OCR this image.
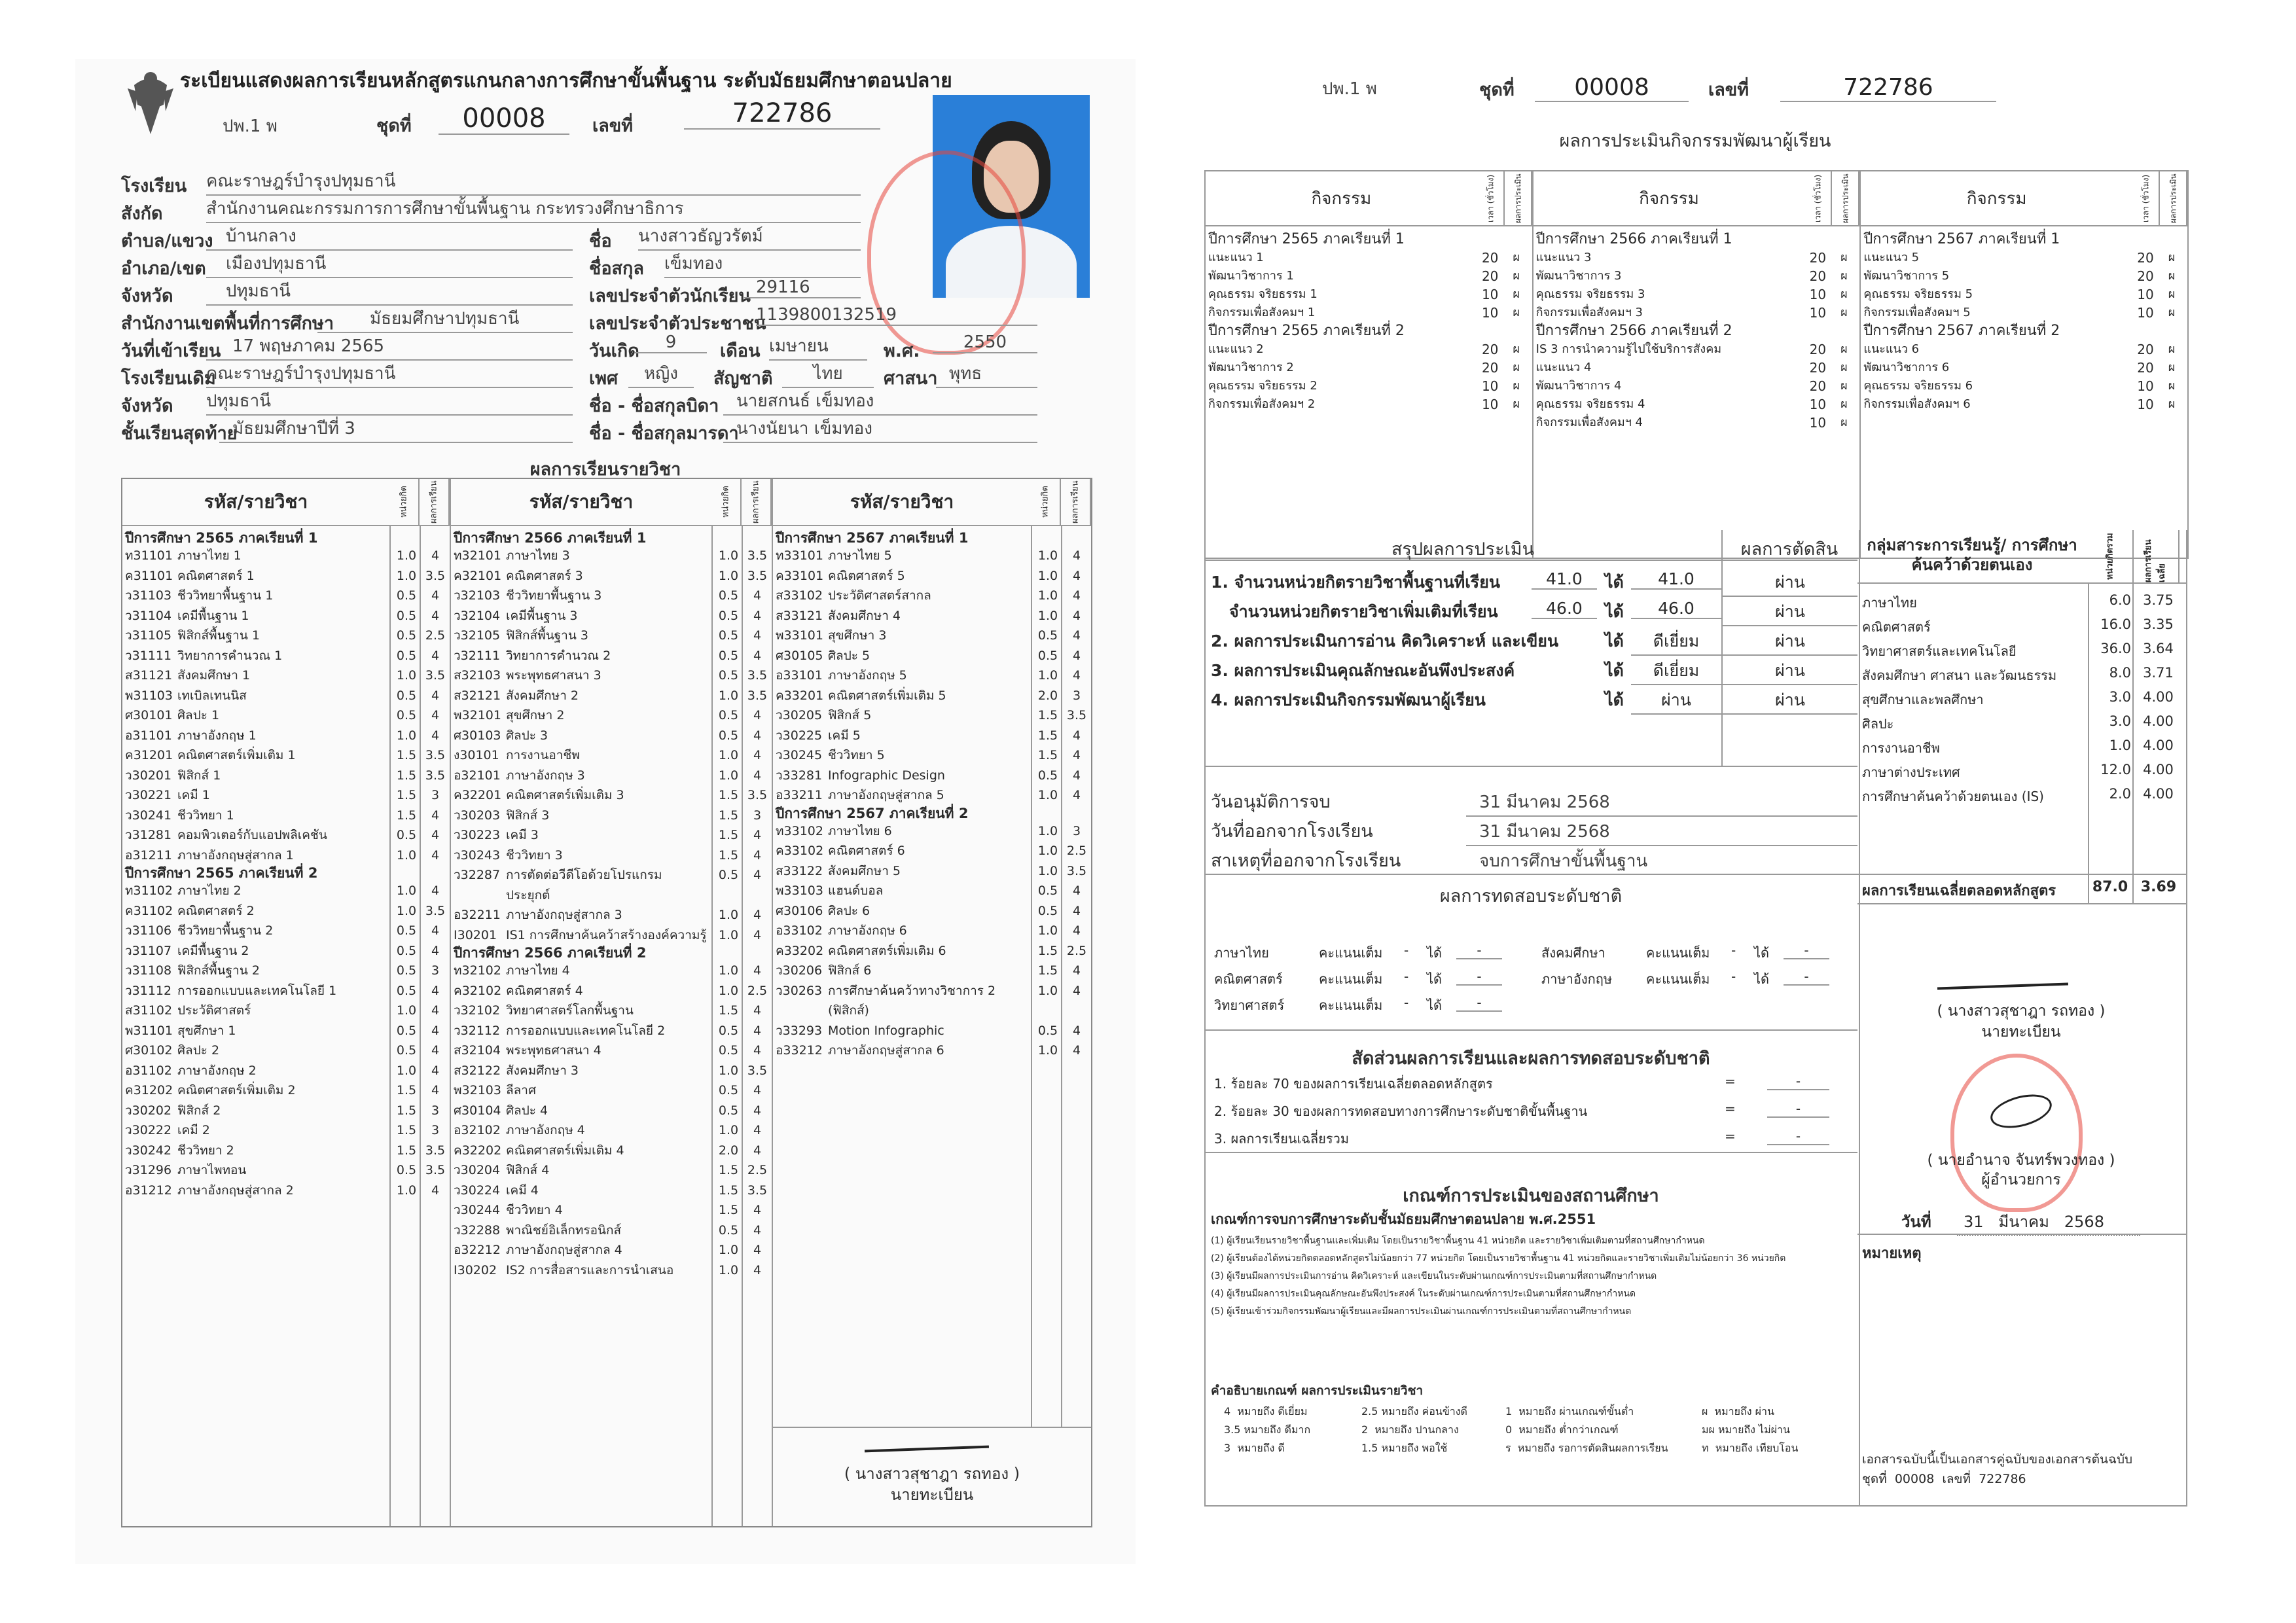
ระเบียนแสดงผลการเรียนหลักสูตรแกนกลางการศึกษาขั้นพื้นฐาน ระดับมัธยมศึกษาตอนปลาย
ปพ.1 พ	ชุดที่	00008	เลขที่	722786
โรงเรียน คณะราษฎร์บำรุงปทุมธานี
สังกัด	สำนักงานคณะกรรมการการศึกษาขั้นพื้นฐาน กระทรวงศึกษาธิการ
ตำบล/แขวง บ้านกลาง
อำเภอ/เขต	เมืองปทุมธานี
จังหวัด	ปทุมธานี
สำนักงานเขตพื้นที่การศึกษา	มัธยมศึกษาปทุมธานี
วันที่เข้าเรียน 17 พฤษภาคม 2565
โรงเรียนเดิม
คณะราษฎร์บำรุงปทุมธานี
จังหวัด ปทุมธานี
ชั้นเรียนสุดท้าย
มัธยมศึกษาปีที่ 3
ชื่อ นางสาวธัญวรัตม์
ชื่อสกุล เข็มทอง
เลขประจำตัวนักเรียน 29116
เลขประจำตัวประชาชน
1139800132519
วันเกิด	9	เดือน เมษายน	พ.ศ.	2550
เพศ	หญิง	สัญชาติ	ไทย	ศาสนา พุทธ
ชื่อ - ชื่อสกุลบิดา	นายสกนธ์ เข็มทอง
ชื่อ - ชื่อสกุลมารดา
นางนัยนา เข็มทอง
ผลการเรียนรายวิชา
รหัส/รายวิชา	หน่วยกิต	ผลการเรียน
ปีการศึกษา 2565 ภาคเรียนที่ 1
ท31101 ภาษาไทย 1	1.0	4
ค31101 คณิตศาสตร์ 1	1.0 3.5
ว31103 ชีววิทยาพื้นฐาน 1	0.5	4
ว31104 เคมีพื้นฐาน 1	0.5	4
ว31105 ฟิสิกส์พื้นฐาน 1	0.5 2.5
ว31111 วิทยาการคำนวณ 1	0.5	4
ส31121 สังคมศึกษา 1	1.0 3.5
พ31103 เทเบิลเทนนิส	0.5	4
ศ30101 ศิลปะ 1	0.5	4
อ31101 ภาษาอังกฤษ 1	1.0	4
ค31201 คณิตศาสตร์เพิ่มเติม 1	1.5 3.5
ว30201 ฟิสิกส์ 1	1.5 3.5
ว30221 เคมี 1	1.5	3
ว30241 ชีววิทยา 1	1.5	4
ว31281 คอมพิวเตอร์กับแอปพลิเคชัน	0.5	4
อ31211 ภาษาอังกฤษสู่สากล 1	1.0	4
ปีการศึกษา 2565 ภาคเรียนที่ 2
ท31102 ภาษาไทย 2	1.0	4
ค31102 คณิตศาสตร์ 2	1.0 3.5
ว31106 ชีววิทยาพื้นฐาน 2	0.5	4
ว31107 เคมีพื้นฐาน 2	0.5	4
ว31108 ฟิสิกส์พื้นฐาน 2	0.5	3
ว31112 การออกแบบและเทคโนโลยี 1	0.5	4
ส31102 ประวัติศาสตร์	1.0	4
พ31101 สุขศึกษา 1	0.5	4
ศ30102 ศิลปะ 2	0.5	4
อ31102 ภาษาอังกฤษ 2	1.0	4
ค31202 คณิตศาสตร์เพิ่มเติม 2	1.5	4
ว30202 ฟิสิกส์ 2	1.5	3
ว30222 เคมี 2	1.5	3
ว30242 ชีววิทยา 2	1.5 3.5
ว31296 ภาษาไพทอน	0.5 3.5
อ31212 ภาษาอังกฤษสู่สากล 2	1.0	4
รหัส/รายวิชา	หน่วยกิต	ผลการเรียน
ปีการศึกษา 2566 ภาคเรียนที่ 1
ท32101 ภาษาไทย 3	1.0 3.5
ค32101 คณิตศาสตร์ 3	1.0 3.5
ว32103 ชีววิทยาพื้นฐาน 3	0.5	4
ว32104 เคมีพื้นฐาน 3	0.5	4
ว32105 ฟิสิกส์พื้นฐาน 3	0.5	4
ว32111 วิทยาการคำนวณ 2	0.5	4
ส32103 พระพุทธศาสนา 3	0.5 3.5
ส32121 สังคมศึกษา 2	1.0 3.5
พ32101 สุขศึกษา 2	0.5	4
ศ30103 ศิลปะ 3	0.5	4
ง30101 การงานอาชีพ	1.0	4
อ32101 ภาษาอังกฤษ 3	1.0	4
ค32201 คณิตศาสตร์เพิ่มเติม 3	1.5 3.5
ว30203 ฟิสิกส์ 3	1.5	3
ว30223 เคมี 3	1.5	4
ว30243 ชีววิทยา 3	1.5	4
ว32287 การตัดต่อวีดีโอด้วยโปรแกรม	0.5	4
ประยุกต์
อ32211 ภาษาอังกฤษสู่สากล 3	1.0	4
I30201 IS1 การศึกษาค้นคว้าสร้างองค์ความรู้ 1.0	4
ปีการศึกษา 2566 ภาคเรียนที่ 2
ท32102 ภาษาไทย 4	1.0	4
ค32102 คณิตศาสตร์ 4	1.0 2.5
ว32102 วิทยาศาสตร์โลกพื้นฐาน	1.5	4
ว32112 การออกแบบและเทคโนโลยี 2	0.5	4
ส32104 พระพุทธศาสนา 4	0.5	4
ส32122 สังคมศึกษา 3	1.0 3.5
พ32103 ลีลาศ	0.5	4
ศ30104 ศิลปะ 4	0.5	4
อ32102 ภาษาอังกฤษ 4	1.0	4
ค32202 คณิตศาสตร์เพิ่มเติม 4	2.0	4
ว30204 ฟิสิกส์ 4	1.5 2.5
ว30224 เคมี 4	1.5 3.5
ว30244 ชีววิทยา 4	1.5	4
ว32288 พาณิชย์อิเล็กทรอนิกส์	0.5	4
อ32212 ภาษาอังกฤษสู่สากล 4	1.0	4
I30202 IS2 การสื่อสารและการนำเสนอ	1.0	4
รหัส/รายวิชา	หน่วยกิต	ผลการเรียน
ปีการศึกษา 2567 ภาคเรียนที่ 1
ท33101 ภาษาไทย 5	1.0	4
ค33101 คณิตศาสตร์ 5	1.0	4
ส33102 ประวัติศาสตร์สากล	1.0	4
ส33121 สังคมศึกษา 4	1.0	4
พ33101 สุขศึกษา 3	0.5	4
ศ30105 ศิลปะ 5	0.5	4
อ33101 ภาษาอังกฤษ 5	1.0	4
ค33201 คณิตศาสตร์เพิ่มเติม 5	2.0	3
ว30205 ฟิสิกส์ 5	1.5 3.5
ว30225 เคมี 5	1.5	4
ว30245 ชีววิทยา 5	1.5	4
ว33281 Infographic Design	0.5	4
อ33211 ภาษาอังกฤษสู่สากล 5	1.0	4
ปีการศึกษา 2567 ภาคเรียนที่ 2
ท33102 ภาษาไทย 6	1.0	3
ค33102 คณิตศาสตร์ 6	1.0 2.5
ส33122 สังคมศึกษา 5	1.0 3.5
พ33103 แฮนด์บอล	0.5	4
ศ30106 ศิลปะ 6	0.5	4
อ33102 ภาษาอังกฤษ 6	1.0	4
ค33202 คณิตศาสตร์เพิ่มเติม 6	1.5 2.5
ว30206 ฟิสิกส์ 6	1.5	4
ว30263 การศึกษาค้นคว้าทางวิชาการ 2	1.0	4
(ฟิสิกส์)
ว33293 Motion Infographic	0.5	4
อ33212 ภาษาอังกฤษสู่สากล 6	1.0	4
( นางสาวสุชาฎา รถทอง )
นายทะเบียน
ปพ.1 พ	ชุดที่	00008	เลขที่	722786
ผลการประเมินกิจกรรมพัฒนาผู้เรียน
กิจกรรม	เวลา (ชั่วโมง)	ผลการประเมิน
ปีการศึกษา 2565 ภาคเรียนที่ 1
แนะแนว 1	20	ผ
พัฒนาวิชาการ 1	20	ผ
คุณธรรม จริยธรรม 1	10	ผ
กิจกรรมเพื่อสังคมฯ 1	10	ผ
ปีการศึกษา 2565 ภาคเรียนที่ 2
แนะแนว 2	20	ผ
พัฒนาวิชาการ 2	20	ผ
คุณธรรม จริยธรรม 2	10	ผ
กิจกรรมเพื่อสังคมฯ 2	10	ผ
กิจกรรม	เวลา (ชั่วโมง)	ผลการประเมิน
ปีการศึกษา 2566 ภาคเรียนที่ 1
แนะแนว 3	20	ผ
พัฒนาวิชาการ 3	20	ผ
คุณธรรม จริยธรรม 3	10	ผ
กิจกรรมเพื่อสังคมฯ 3	10	ผ
ปีการศึกษา 2566 ภาคเรียนที่ 2
IS 3 การนำความรู้ไปใช้บริการสังคม	20	ผ
แนะแนว 4	20	ผ
พัฒนาวิชาการ 4	20	ผ
คุณธรรม จริยธรรม 4	10	ผ
กิจกรรมเพื่อสังคมฯ 4	10	ผ
กิจกรรม	เวลา (ชั่วโมง)	ผลการประเมิน
ปีการศึกษา 2567 ภาคเรียนที่ 1
แนะแนว 5	20	ผ
พัฒนาวิชาการ 5	20	ผ
คุณธรรม จริยธรรม 5	10	ผ
กิจกรรมเพื่อสังคมฯ 5	10	ผ
ปีการศึกษา 2567 ภาคเรียนที่ 2
แนะแนว 6	20	ผ
พัฒนาวิชาการ 6	20	ผ
คุณธรรม จริยธรรม 6	10	ผ
กิจกรรมเพื่อสังคมฯ 6	10	ผ
สรุปผลการประเมิน	ผลการตัดสิน
1. จำนวนหน่วยกิตรายวิชาพื้นฐานที่เรียน	41.0	ได้	41.0	ผ่าน
จำนวนหน่วยกิตรายวิชาเพิ่มเติมที่เรียน	46.0	ได้	46.0	ผ่าน
2. ผลการประเมินการอ่าน คิดวิเคราะห์ และเขียน	ได้	ดีเยี่ยม	ผ่าน
3. ผลการประเมินคุณลักษณะอันพึงประสงค์	ได้	ดีเยี่ยม	ผ่าน
4. ผลการประเมินกิจกรรมพัฒนาผู้เรียน	ได้	ผ่าน	ผ่าน
วันอนุมัติการจบ	31 มีนาคม 2568
วันที่ออกจากโรงเรียน	31 มีนาคม 2568
สาเหตุที่ออกจากโรงเรียน	จบการศึกษาขั้นพื้นฐาน
ผลการทดสอบระดับชาติ
ภาษาไทย	คะแนนเต็ม - ได้	-
คณิตศาสตร์	คะแนนเต็ม - ได้	-
วิทยาศาสตร์	คะแนนเต็ม - ได้	-
สังคมศึกษา	คะแนนเต็ม - ได้	-
ภาษาอังกฤษ	คะแนนเต็ม - ได้	-
สัดส่วนผลการเรียนและผลการทดสอบระดับชาติ
1. ร้อยละ 70 ของผลการเรียนเฉลี่ยตลอดหลักสูตร	=	-
2. ร้อยละ 30 ของผลการทดสอบทางการศึกษาระดับชาติขั้นพื้นฐาน	=	-
3. ผลการเรียนเฉลี่ยรวม	=	-
เกณฑ์การประเมินของสถานศึกษา
เกณฑ์การจบการศึกษาระดับชั้นมัธยมศึกษาตอนปลาย พ.ศ.2551
(1) ผู้เรียนเรียนรายวิชาพื้นฐานและเพิ่มเติม โดยเป็นรายวิชาพื้นฐาน 41 หน่วยกิต และรายวิชาเพิ่มเติมตามที่สถานศึกษากำหนด
(2) ผู้เรียนต้องได้หน่วยกิตตลอดหลักสูตรไม่น้อยกว่า 77 หน่วยกิต โดยเป็นรายวิชาพื้นฐาน 41 หน่วยกิตและรายวิชาเพิ่มเติมไม่น้อยกว่า 36 หน่วยกิต
(3) ผู้เรียนมีผลการประเมินการอ่าน คิดวิเคราะห์ และเขียนในระดับผ่านเกณฑ์การประเมินตามที่สถานศึกษากำหนด
(4) ผู้เรียนมีผลการประเมินคุณลักษณะอันพึงประสงค์ ในระดับผ่านเกณฑ์การประเมินตามที่สถานศึกษากำหนด
(5) ผู้เรียนเข้าร่วมกิจกรรมพัฒนาผู้เรียนและมีผลการประเมินผ่านเกณฑ์การประเมินตามที่สถานศึกษากำหนด
คำอธิบายเกณฑ์ ผลการประเมินรายวิชา
4  หมายถึง ดีเยี่ยม	2.5 หมายถึง ค่อนข้างดี	1  หมายถึง ผ่านเกณฑ์ขั้นต่ำ	ผ  หมายถึง ผ่าน
3.5 หมายถึง ดีมาก	2  หมายถึง ปานกลาง	0  หมายถึง ต่ำกว่าเกณฑ์	มผ หมายถึง ไม่ผ่าน
3  หมายถึง ดี	1.5 หมายถึง พอใช้	ร  หมายถึง รอการตัดสินผลการเรียน	ท  หมายถึง เทียบโอน
กลุ่มสาระการเรียนรู้/ การศึกษาค้นคว้าด้วยตนเอง	หน่วยกิตรวม	ผลการเรียนเฉลี่ย
ภาษาไทย	6.0 3.75
คณิตศาสตร์	16.0 3.35
วิทยาศาสตร์และเทคโนโลยี	36.0 3.64
สังคมศึกษา ศาสนา และวัฒนธรรม	8.0 3.71
สุขศึกษาและพลศึกษา	3.0 4.00
ศิลปะ	3.0 4.00
การงานอาชีพ	1.0 4.00
ภาษาต่างประเทศ	12.0 4.00
การศึกษาค้นคว้าด้วยตนเอง (IS)	2.0 4.00
ผลการเรียนเฉลี่ยตลอดหลักสูตร	87.0 3.69
( นางสาวสุชาฎา รถทอง )
นายทะเบียน
( นายอำนาจ จันทร์พวงทอง )
ผู้อำนวยการ
วันที่	31   มีนาคม   2568
หมายเหตุ
เอกสารฉบับนี้เป็นเอกสารคู่ฉบับของเอกสารต้นฉบับ
ชุดที่  00008  เลขที่  722786
